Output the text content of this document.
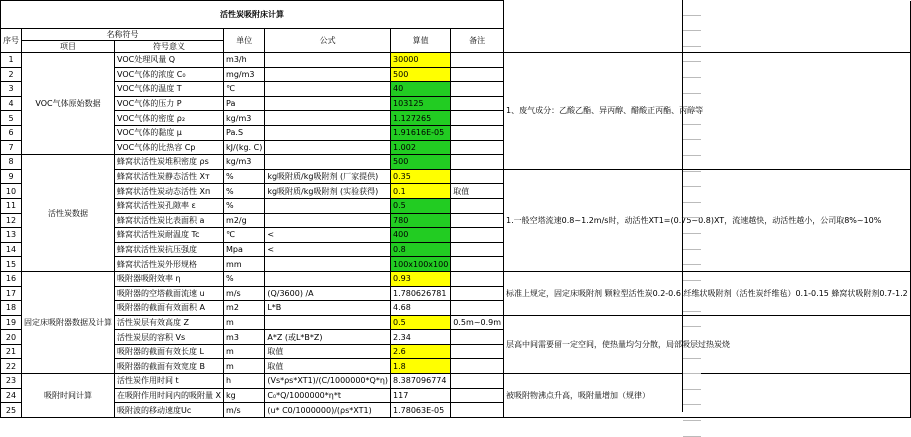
活性炭吸附床计算							
序号	名称符号		单位	公式	算值	备注	
	项目	符号意义					
1	VOC气体原始数据	VOC处理风量 Q	m3/h		30000		1、废气成分：乙酸乙酯、异丙醇、醋酸正丙酯、丙醇等
2		VOC气体的浓度 C₀	mg/m3		500		
3		VOC气体的温度 T	℃		40		
4		VOC气体的压力 P	Pa		103125		
5		VOC气体的密度 ρ₂	kg/m3		1.127265		
6		VOC气体的黏度 μ	Pa.S		1.91616E-05		
7		VOC气体的比热容 Cp	kJ/(kg. C)		1.002		
8	活性炭数据	蜂窝状活性炭堆积密度 ρs	kg/m3		500		
9		蜂窝状活性炭静态活性 Xт	%	kg吸附质/kg吸附剂 (厂家提供)	0.35		1.一般空塔流速0.8~1.2m/s时，动活性XT1=(0.75~0.8)XT，流速越快，动活性越小，公司取8%~10%
10		蜂窝状活性炭动态活性 Xп	%	kg吸附质/kg吸附剂 (实验获得)	0.1	取值	
11		蜂窝状活性炭孔隙率 ε	%		0.5		
12		蜂窝状活性炭比表面积 a	m2/g		780		
13		蜂窝状活性炭耐温度 Tc	℃	<	400		
14		蜂窝状活性炭抗压强度	Mpa	<	0.8		
15		蜂窝状活性炭外形规格	mm		100x100x100		
16	固定床吸附器数据及计算	吸附器吸附效率 η	%		0.93		标准上规定，固定床吸附剂 颗粒型活性炭0.2-0.6 纤维状吸附剂（活性炭纤维毡）0.1-0.15 蜂窝状吸附剂0.7-1.2
17		吸附器的空塔截面流速 u	m/s	(Q/3600) /A	1.780626781		
18		吸附器的截面有效面积 A	m2	L*B	4.68		
19		活性炭层有效高度 Z	m		0.5	0.5m~0.9m	层高中间需要留一定空间，使热量均匀分散，局部吸层过热炭烧
20		活性炭层的容积 Vs	m3	A*Z (或L*B*Z)	2.34		
21		吸附器的截面有效长度 L	m	取值	2.6		
22		吸附器的截面有效宽度 B	m	取值	1.8		
23	吸附时间计算	活性炭作用时间 t	h	(Vs*ρs*XT1)/(C/1000000*Q*η)	8.387096774		被吸附物沸点升高，吸附量增加（规律）
24		在吸附作用时间内的吸附量 X	kg	C₀*Q/1000000*η*t	117		
25		吸附波的移动速度Uc	m/s	(u* C0/1000000)/(ρs*XT1)	1.78063E-05		
